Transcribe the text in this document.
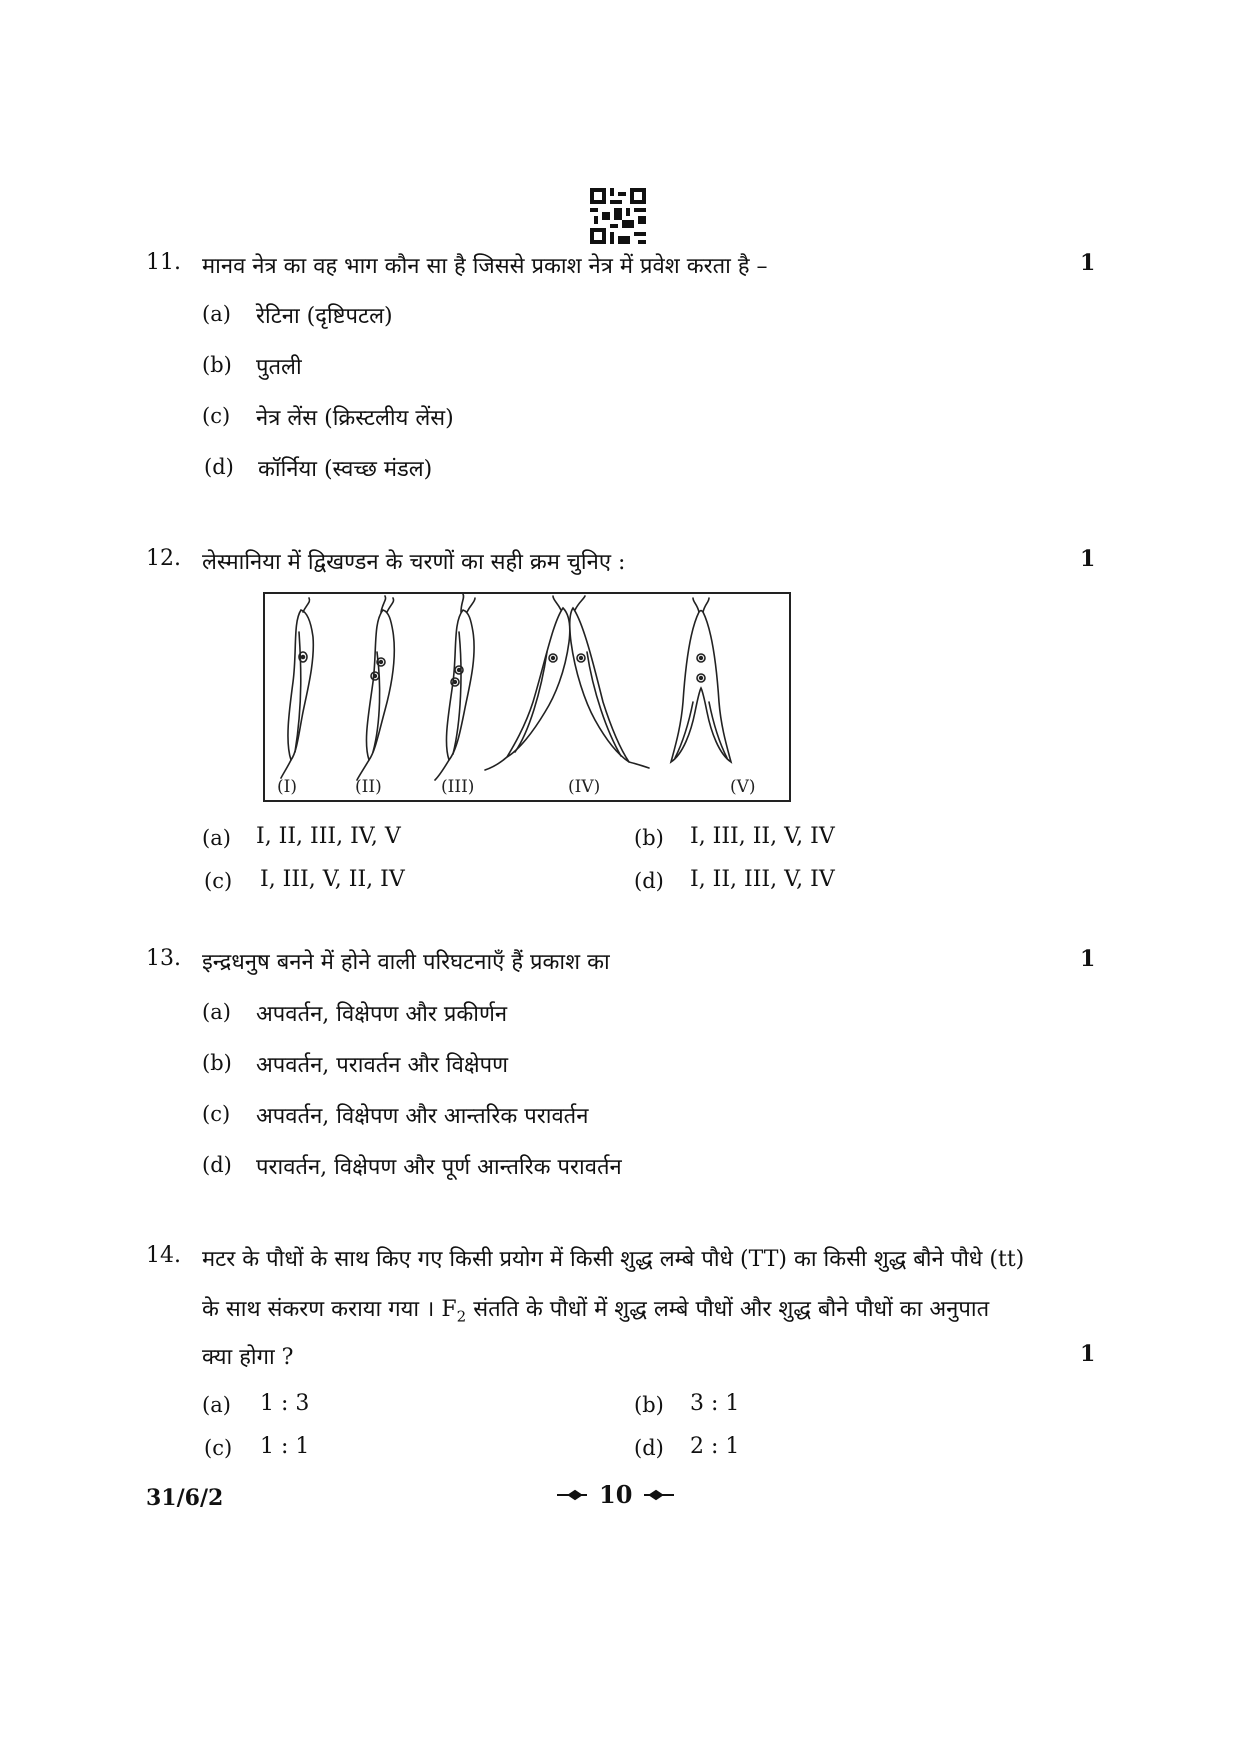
11. मानव नेत्र का वह भाग कौन सा है जिससे प्रकाश नेत्र में प्रवेश करता है –	1
(a) रेटिना (दृष्टिपटल)
(b) पुतली
(c) नेत्र लेंस (क्रिस्टलीय लेंस)
(d) कॉर्निया (स्वच्छ मंडल)
12. लेस्मानिया में द्विखण्डन के चरणों का सही क्रम चुनिए :	1
(I)	(II)	(III)	(IV)	(V)
(a) I, II, III, IV, V	(b) I, III, II, V, IV
(c) I, III, V, II, IV	(d) I, II, III, V, IV
13. इन्द्रधनुष बनने में होने वाली परिघटनाएँ हैं प्रकाश का	1
(a) अपवर्तन, विक्षेपण और प्रकीर्णन
(b) अपवर्तन, परावर्तन और विक्षेपण
(c) अपवर्तन, विक्षेपण और आन्तरिक परावर्तन
(d) परावर्तन, विक्षेपण और पूर्ण आन्तरिक परावर्तन
14. मटर के पौधों के साथ किए गए किसी प्रयोग में किसी शुद्ध लम्बे पौधे (TT) का किसी शुद्ध बौने पौधे (tt)
के साथ संकरण कराया गया । $F_2$ संतति के पौधों में शुद्ध लम्बे पौधों और शुद्ध बौने पौधों का अनुपात
क्या होगा ?	1
(a) 1 : 3	(b) 3 : 1
(c) 1 : 1	(d) 2 : 1
31/6/2	10
